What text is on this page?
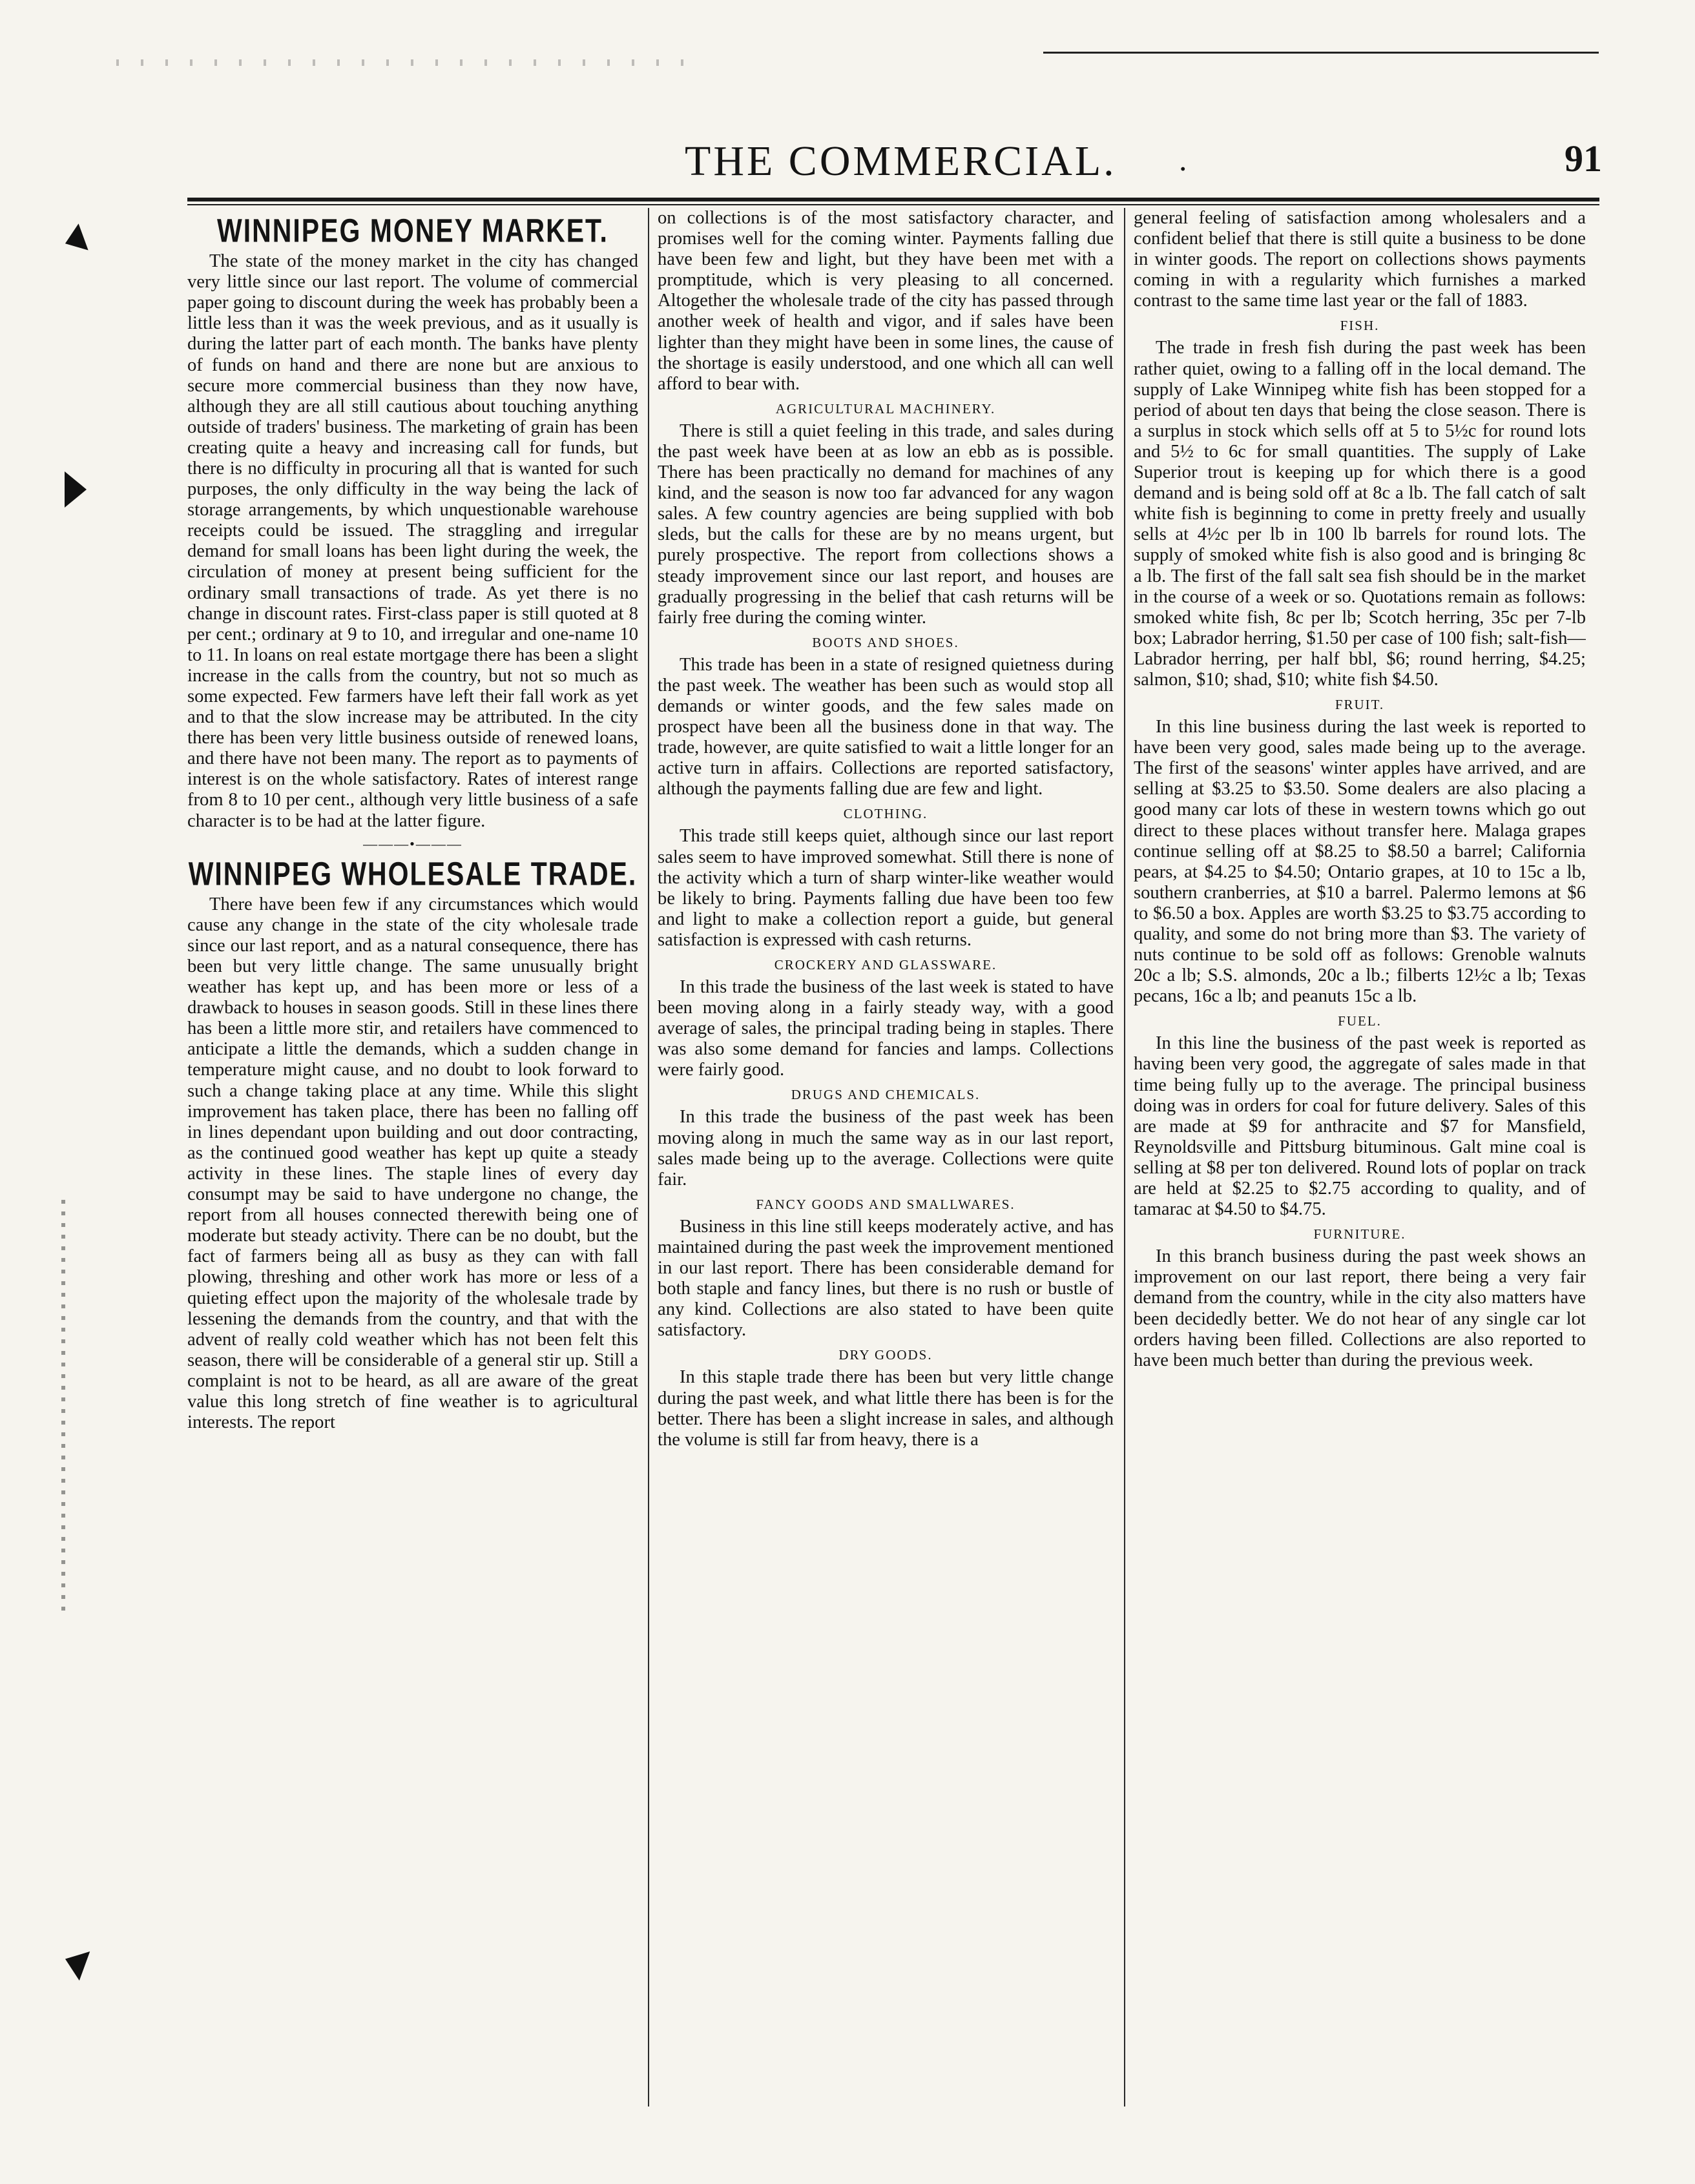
THE COMMERCIAL. .	91
WINNIPEG MONEY MARKET.

The state of the money market in the city has changed very little since our last report. The volume of commercial paper going to discount during the week has probably been a little less than it was the week previous, and as it usually is during the latter part of each month. The banks have plenty of funds on hand and there are none but are anxious to secure more commercial business than they now have, although they are all still cautious about touching anything outside of traders' business. The marketing of grain has been creating quite a heavy and increasing call for funds, but there is no difficulty in procuring all that is wanted for such purposes, the only difficulty in the way being the lack of storage arrangements, by which unquestionable warehouse receipts could be issued. The straggling and irregular demand for small loans has been light during the week, the circulation of money at present being sufficient for the ordinary small transactions of trade. As yet there is no change in discount rates. First-class paper is still quoted at 8 per cent.; ordinary at 9 to 10, and irregular and one-name 10 to 11. In loans on real estate mortgage there has been a slight increase in the calls from the country, but not so much as some expected. Few farmers have left their fall work as yet and to that the slow increase may be attributed. In the city there has been very little business outside of renewed loans, and there have not been many. The report as to payments of interest is on the whole satisfactory. Rates of interest range from 8 to 10 per cent., although very little business of a safe character is to be had at the latter figure.

———•———
WINNIPEG WHOLESALE TRADE.

There have been few if any circumstances which would cause any change in the state of the city wholesale trade since our last report, and as a natural consequence, there has been but very little change. The same unusually bright weather has kept up, and has been more or less of a drawback to houses in season goods. Still in these lines there has been a little more stir, and retailers have commenced to anticipate a little the demands, which a sudden change in temperature might cause, and no doubt to look forward to such a change taking place at any time. While this slight improvement has taken place, there has been no falling off in lines dependant upon building and out door contracting, as the continued good weather has kept up quite a steady activity in these lines. The staple lines of every day consumpt may be said to have undergone no change, the report from all houses connected therewith being one of moderate but steady activity. There can be no doubt, but the fact of farmers being all as busy as they can with fall plowing, threshing and other work has more or less of a quieting effect upon the majority of the wholesale trade by lessening the demands from the country, and that with the advent of really cold weather which has not been felt this season, there will be considerable of a general stir up. Still a complaint is not to be heard, as all are aware of the great value this long stretch of fine weather is to agricultural interests. The report

on collections is of the most satisfactory character, and promises well for the coming winter. Payments falling due have been few and light, but they have been met with a promptitude, which is very pleasing to all concerned. Altogether the wholesale trade of the city has passed through another week of health and vigor, and if sales have been lighter than they might have been in some lines, the cause of the shortage is easily understood, and one which all can well afford to bear with.

AGRICULTURAL MACHINERY.

There is still a quiet feeling in this trade, and sales during the past week have been at as low an ebb as is possible. There has been practically no demand for machines of any kind, and the season is now too far advanced for any wagon sales. A few country agencies are being supplied with bob sleds, but the calls for these are by no means urgent, but purely prospective. The report from collections shows a steady improvement since our last report, and houses are gradually progressing in the belief that cash returns will be fairly free during the coming winter.

BOOTS AND SHOES.

This trade has been in a state of resigned quietness during the past week. The weather has been such as would stop all demands or winter goods, and the few sales made on prospect have been all the business done in that way. The trade, however, are quite satisfied to wait a little longer for an active turn in affairs. Collections are reported satisfactory, although the payments falling due are few and light.

CLOTHING.

This trade still keeps quiet, although since our last report sales seem to have improved somewhat. Still there is none of the activity which a turn of sharp winter-like weather would be likely to bring. Payments falling due have been too few and light to make a collection report a guide, but general satisfaction is expressed with cash returns.

CROCKERY AND GLASSWARE.

In this trade the business of the last week is stated to have been moving along in a fairly steady way, with a good average of sales, the principal trading being in staples. There was also some demand for fancies and lamps. Collections were fairly good.

DRUGS AND CHEMICALS.

In this trade the business of the past week has been moving along in much the same way as in our last report, sales made being up to the average. Collections were quite fair.

FANCY GOODS AND SMALLWARES.

Business in this line still keeps moderately active, and has maintained during the past week the improvement mentioned in our last report. There has been considerable demand for both staple and fancy lines, but there is no rush or bustle of any kind. Collections are also stated to have been quite satisfactory.

DRY GOODS.

In this staple trade there has been but very little change during the past week, and what little there has been is for the better. There has been a slight increase in sales, and although the volume is still far from heavy, there is a

general feeling of satisfaction among wholesalers and a confident belief that there is still quite a business to be done in winter goods. The report on collections shows payments coming in with a regularity which furnishes a marked contrast to the same time last year or the fall of 1883.

FISH.

The trade in fresh fish during the past week has been rather quiet, owing to a falling off in the local demand. The supply of Lake Winnipeg white fish has been stopped for a period of about ten days that being the close season. There is a surplus in stock which sells off at 5 to 5½c for round lots and 5½ to 6c for small quantities. The supply of Lake Superior trout is keeping up for which there is a good demand and is being sold off at 8c a lb. The fall catch of salt white fish is beginning to come in pretty freely and usually sells at 4½c per lb in 100 lb barrels for round lots. The supply of smoked white fish is also good and is bringing 8c a lb. The first of the fall salt sea fish should be in the market in the course of a week or so. Quotations remain as follows: smoked white fish, 8c per lb; Scotch herring, 35c per 7-lb box; Labrador herring, $1.50 per case of 100 fish; salt-fish—Labrador herring, per half bbl, $6; round herring, $4.25; salmon, $10; shad, $10; white fish $4.50.

FRUIT.

In this line business during the last week is reported to have been very good, sales made being up to the average. The first of the seasons' winter apples have arrived, and are selling at $3.25 to $3.50. Some dealers are also placing a good many car lots of these in western towns which go out direct to these places without transfer here. Malaga grapes continue selling off at $8.25 to $8.50 a barrel; California pears, at $4.25 to $4.50; Ontario grapes, at 10 to 15c a lb, southern cranberries, at $10 a barrel. Palermo lemons at $6 to $6.50 a box. Apples are worth $3.25 to $3.75 according to quality, and some do not bring more than $3. The variety of nuts continue to be sold off as follows: Grenoble walnuts 20c a lb; S.S. almonds, 20c a lb.; filberts 12½c a lb; Texas pecans, 16c a lb; and peanuts 15c a lb.

FUEL.

In this line the business of the past week is reported as having been very good, the aggregate of sales made in that time being fully up to the average. The principal business doing was in orders for coal for future delivery. Sales of this are made at $9 for anthracite and $7 for Mansfield, Reynoldsville and Pittsburg bituminous. Galt mine coal is selling at $8 per ton delivered. Round lots of poplar on track are held at $2.25 to $2.75 according to quality, and of tamarac at $4.50 to $4.75.

FURNITURE.

In this branch business during the past week shows an improvement on our last report, there being a very fair demand from the country, while in the city also matters have been decidedly better. We do not hear of any single car lot orders having been filled. Collections are also reported to have been much better than during the previous week.
